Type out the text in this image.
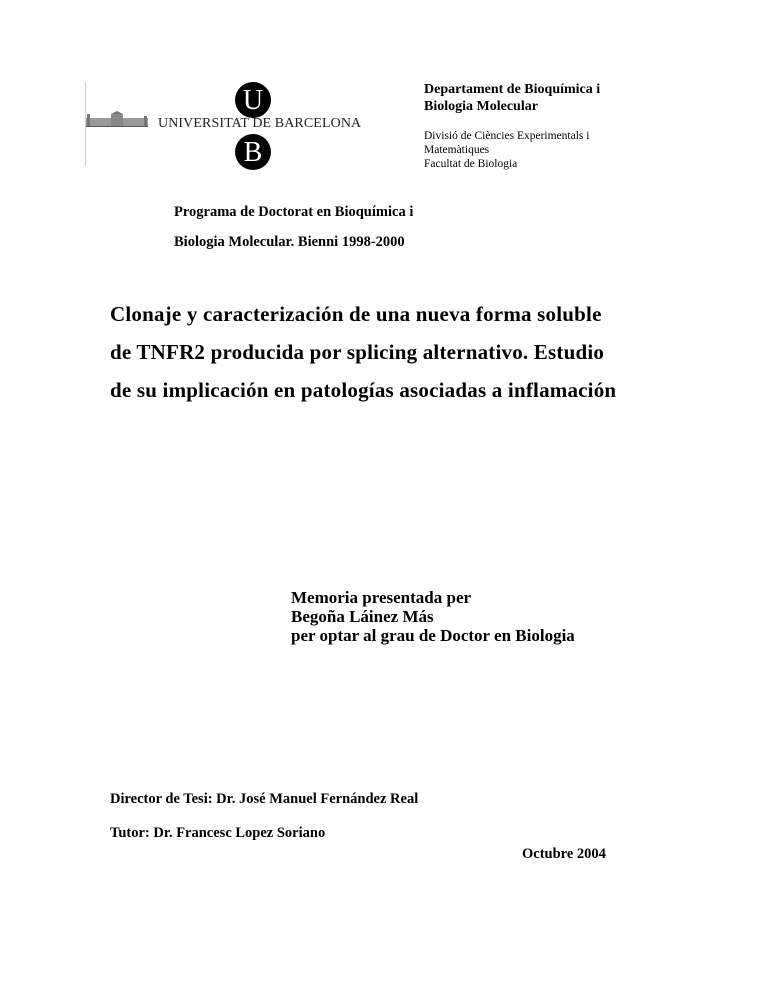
U
UNIVERSITAT DE BARCELONA
B
Departament de Bioquímica i
Biologia Molecular
Divisió de Ciències Experimentals i
Matemàtiques
Facultat de Biologia
Programa de Doctorat en Bioquímica i
Biologia Molecular. Bienni 1998-2000
Clonaje y caracterización de una nueva forma soluble
de TNFR2 producida por splicing alternativo. Estudio
de su implicación en patologías asociadas a inflamación
Memoria presentada per
Begoña Láinez Más
per optar al grau de Doctor en Biologia
Director de Tesi: Dr. José Manuel Fernández Real
Tutor: Dr. Francesc Lopez Soriano
Octubre 2004
